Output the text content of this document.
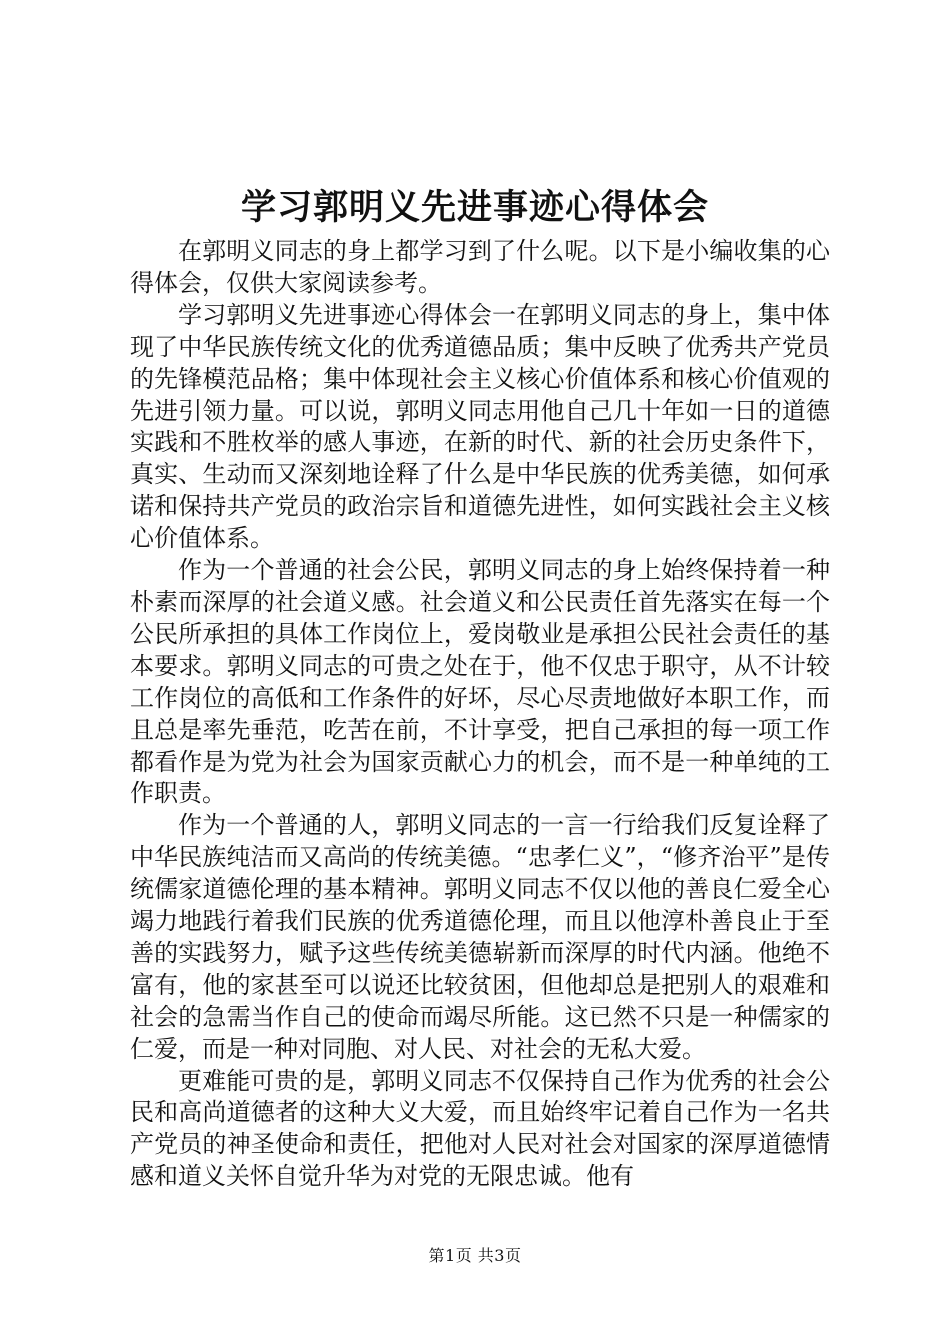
学习郭明义先进事迹心得体会

在郭明义同志的身上都学习到了什么呢。以下是小编收集的心得体会，仅供大家阅读参考。

学习郭明义先进事迹心得体会一在郭明义同志的身上，集中体现了中华民族传统文化的优秀道德品质；集中反映了优秀共产党员的先锋模范品格；集中体现社会主义核心价值体系和核心价值观的先进引领力量。可以说，郭明义同志用他自己几十年如一日的道德实践和不胜枚举的感人事迹，在新的时代、新的社会历史条件下，真实、生动而又深刻地诠释了什么是中华民族的优秀美德，如何承诺和保持共产党员的政治宗旨和道德先进性，如何实践社会主义核心价值体系。

作为一个普通的社会公民，郭明义同志的身上始终保持着一种朴素而深厚的社会道义感。社会道义和公民责任首先落实在每一个公民所承担的具体工作岗位上，爱岗敬业是承担公民社会责任的基本要求。郭明义同志的可贵之处在于，他不仅忠于职守，从不计较工作岗位的高低和工作条件的好坏，尽心尽责地做好本职工作，而且总是率先垂范，吃苦在前，不计享受，把自己承担的每一项工作都看作是为党为社会为国家贡献心力的机会，而不是一种单纯的工作职责。

作为一个普通的人，郭明义同志的一言一行给我们反复诠释了中华民族纯洁而又高尚的传统美德。“忠孝仁义”，“修齐治平”是传统儒家道德伦理的基本精神。郭明义同志不仅以他的善良仁爱全心竭力地践行着我们民族的优秀道德伦理，而且以他淳朴善良止于至善的实践努力，赋予这些传统美德崭新而深厚的时代内涵。他绝不富有，他的家甚至可以说还比较贫困，但他却总是把别人的艰难和社会的急需当作自己的使命而竭尽所能。这已然不只是一种儒家的仁爱，而是一种对同胞、对人民、对社会的无私大爱。

更难能可贵的是，郭明义同志不仅保持自己作为优秀的社会公民和高尚道德者的这种大义大爱，而且始终牢记着自己作为一名共产党员的神圣使命和责任，把他对人民对社会对国家的深厚道德情感和道义关怀自觉升华为对党的无限忠诚。他有

第1页 共3页
